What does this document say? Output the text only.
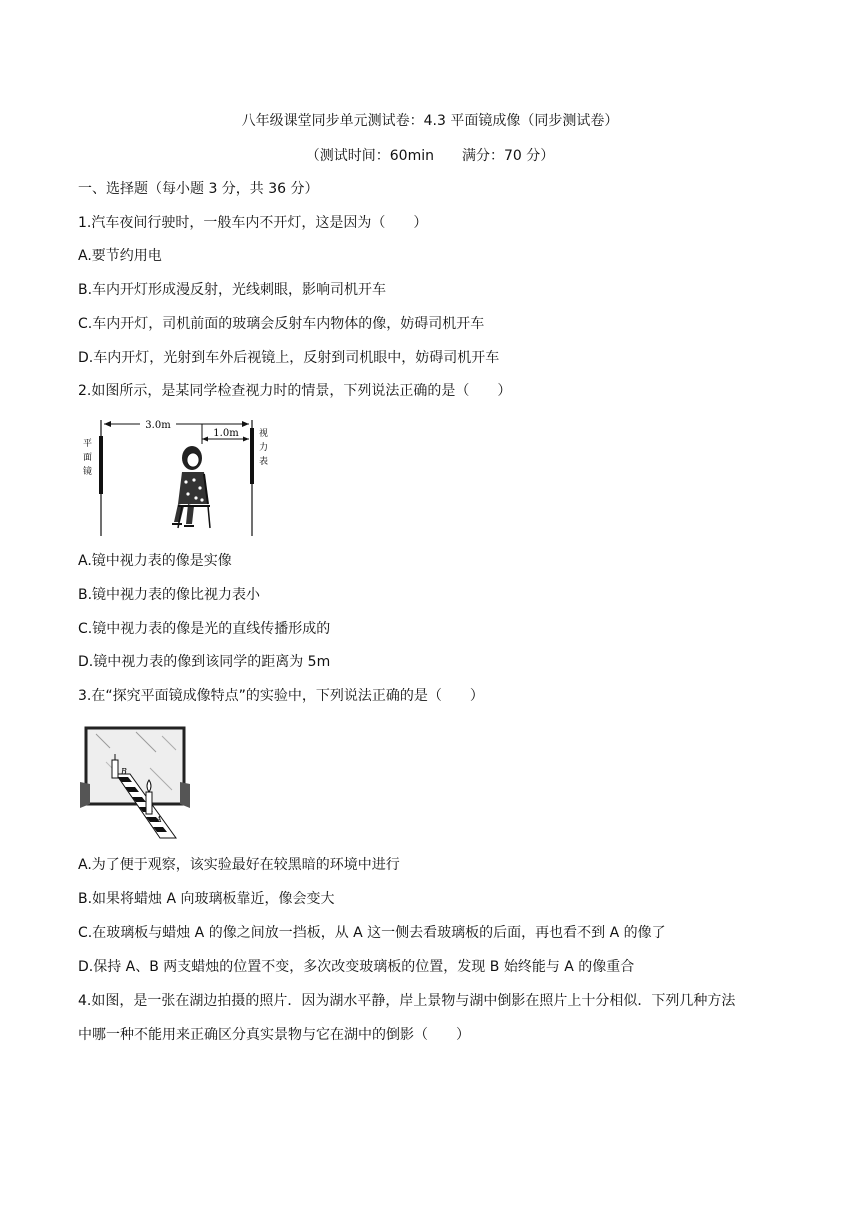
八年级课堂同步单元测试卷：4.3 平面镜成像（同步测试卷）
（测试时间：60min　　满分：70 分）
一、选择题（每小题 3 分，共 36 分）
1.汽车夜间行驶时，一般车内不开灯，这是因为（　　）
A.要节约用电
B.车内开灯形成漫反射，光线刺眼，影响司机开车
C.车内开灯，司机前面的玻璃会反射车内物体的像，妨碍司机开车
D.车内开灯，光射到车外后视镜上，反射到司机眼中，妨碍司机开车
2.如图所示，是某同学检查视力时的情景，下列说法正确的是（　　）
3.0m
1.0m
平
面
镜
视
力
表
A.镜中视力表的像是实像
B.镜中视力表的像比视力表小
C.镜中视力表的像是光的直线传播形成的
D.镜中视力表的像到该同学的距离为 5m
3.在“探究平面镜成像特点”的实验中，下列说法正确的是（　　）
B
A
A.为了便于观察，该实验最好在较黑暗的环境中进行
B.如果将蜡烛 A 向玻璃板靠近，像会变大
C.在玻璃板与蜡烛 A 的像之间放一挡板，从 A 这一侧去看玻璃板的后面，再也看不到 A 的像了
D.保持 A、B 两支蜡烛的位置不变，多次改变玻璃板的位置，发现 B 始终能与 A 的像重合
4.如图，是一张在湖边拍摄的照片．因为湖水平静，岸上景物与湖中倒影在照片上十分相似．下列几种方法
中哪一种不能用来正确区分真实景物与它在湖中的倒影（　　）
